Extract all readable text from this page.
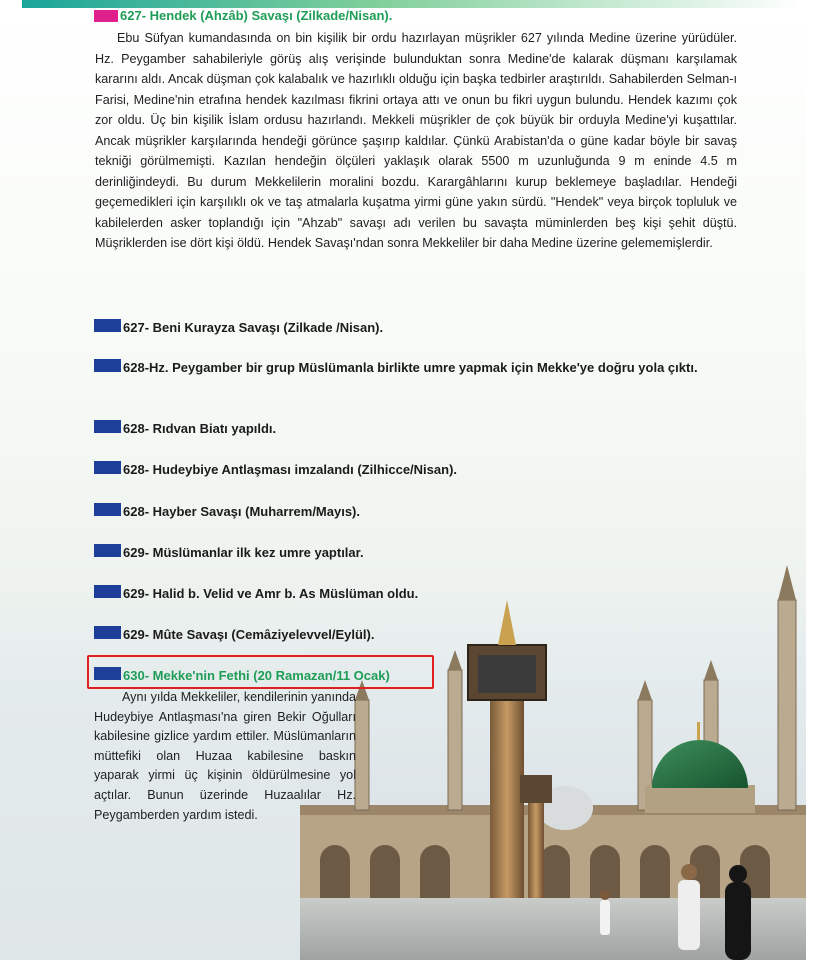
627- Hendek (Ahzâb) Savaşı (Zilkade/Nisan).

Ebu Süfyan kumandasında on bin kişilik bir ordu hazırlayan müşrikler 627 yılında Medine üzerine yürüdüler. Hz. Peygamber sahabileriyle görüş alış verişinde bulunduktan sonra Medine'de kalarak düşmanı karşılamak kararını aldı. Ancak düşman çok kalabalık ve hazırlıklı olduğu için başka tedbirler araştırıldı. Sahabilerden Selman-ı Farisi, Medine'nin etrafına hendek kazılması fikrini ortaya attı ve onun bu fikri uygun bulundu. Hendek kazımı çok zor oldu. Üç bin kişilik İslam ordusu hazırlandı. Mekkeli müşrikler de çok büyük bir orduyla Medine'yi kuşattılar. Ancak müşrikler karşılarında hendeği görünce şaşırıp kaldılar. Çünkü Arabistan'da o güne kadar böyle bir savaş tekniği görülmemişti. Kazılan hendeğin ölçüleri yaklaşık olarak 5500 m uzunluğunda 9 m eninde 4.5 m derinliğindeydi. Bu durum Mekkelilerin moralini bozdu. Karargâhlarını kurup beklemeye başladılar. Hendeği geçemedikleri için karşılıklı ok ve taş atmalarla kuşatma yirmi güne yakın sürdü. "Hendek" veya birçok topluluk ve kabilelerden asker toplandığı için "Ahzab" savaşı adı verilen bu savaşta müminlerden beş kişi şehit düştü. Müşriklerden ise dört kişi öldü. Hendek Savaşı'ndan sonra Mekkeliler bir daha Medine üzerine gelememişlerdir.

627- Beni Kurayza Savaşı (Zilkade /Nisan).
628-Hz. Peygamber bir grup Müslümanla birlikte umre yapmak için Mekke'ye doğru yola çıktı.
628- Rıdvan Biatı yapıldı.
628- Hudeybiye Antlaşması imzalandı (Zilhicce/Nisan).
628- Hayber Savaşı (Muharrem/Mayıs).
629- Müslümanlar ilk kez umre yaptılar.
629- Halid b. Velid ve Amr b. As Müslüman oldu.
629- Mûte Savaşı (Cemâziyelevvel/Eylül).
630- Mekke'nin Fethi (20 Ramazan/11 Ocak)

Aynı yılda Mekkeliler, kendilerinin yanında Hudeybiye Antlaşması'na giren Bekir Oğulları kabilesine gizlice yardım ettiler. Müslümanların müttefiki olan Huzaa kabilesine baskın yaparak yirmi üç kişinin öldürülmesine yol açtılar. Bunun üzerinde Huzaalılar Hz. Peygamberden yardım istedi.
